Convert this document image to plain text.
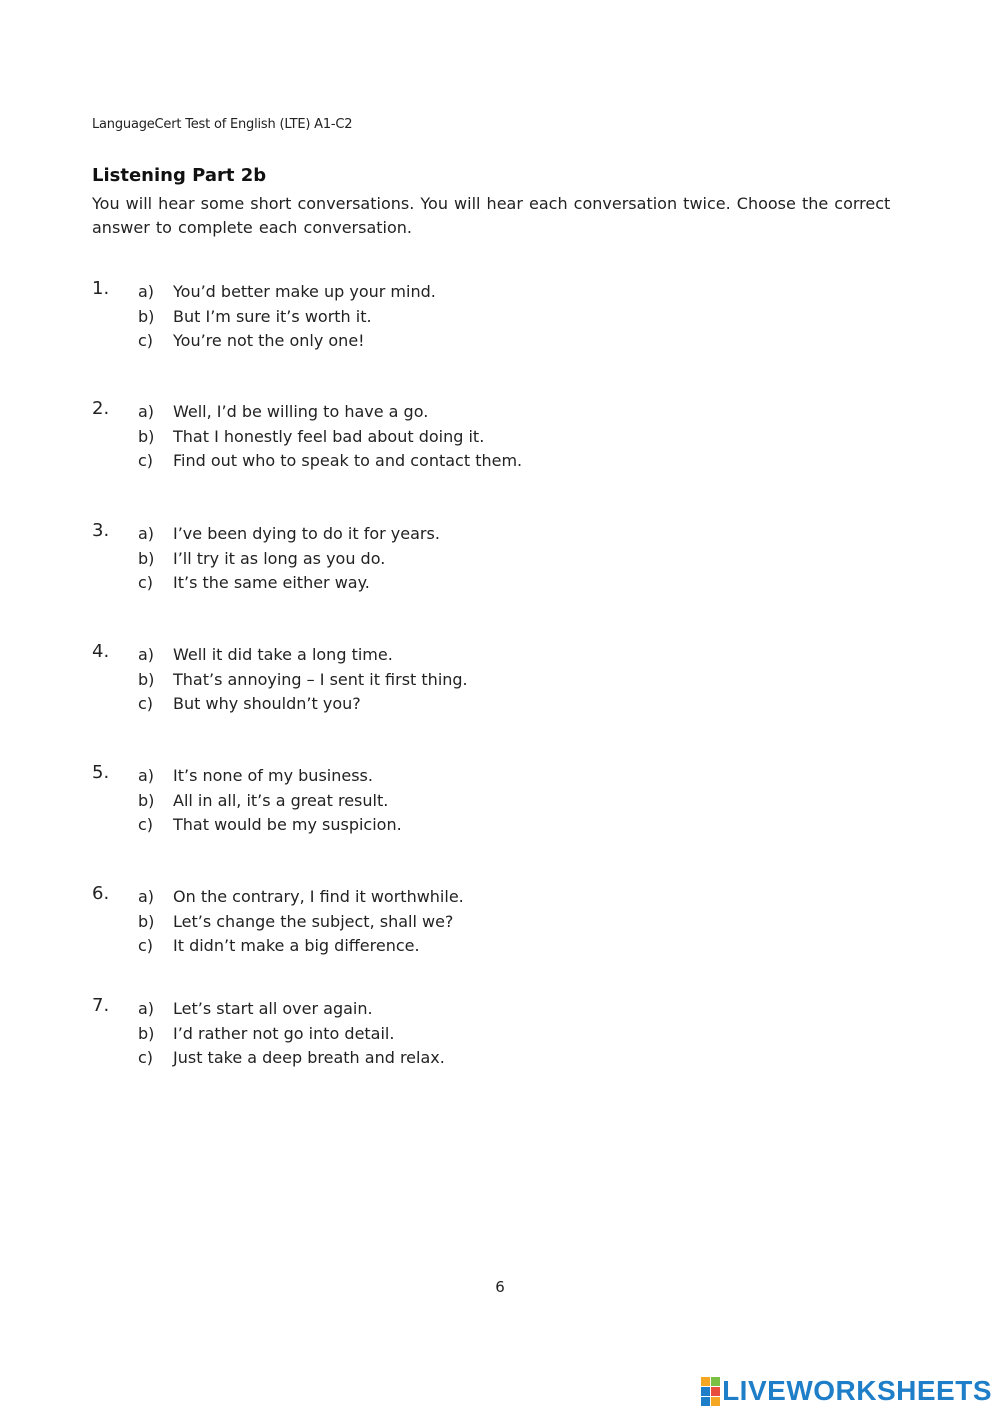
LanguageCert Test of English (LTE) A1-C2
Listening Part 2b
You will hear some short conversations. You will hear each conversation twice. Choose the correct answer to complete each conversation.
1. a) You’d better make up your mind.
b) But I’m sure it’s worth it.
c) You’re not the only one!
2. a) Well, I’d be willing to have a go.
b) That I honestly feel bad about doing it.
c) Find out who to speak to and contact them.
3. a) I’ve been dying to do it for years.
b) I’ll try it as long as you do.
c) It’s the same either way.
4. a) Well it did take a long time.
b) That’s annoying – I sent it first thing.
c) But why shouldn’t you?
5. a) It’s none of my business.
b) All in all, it’s a great result.
c) That would be my suspicion.
6. a) On the contrary, I find it worthwhile.
b) Let’s change the subject, shall we?
c) It didn’t make a big difference.
7. a) Let’s start all over again.
b) I’d rather not go into detail.
c) Just take a deep breath and relax.
6
LIVEWORKSHEETS
